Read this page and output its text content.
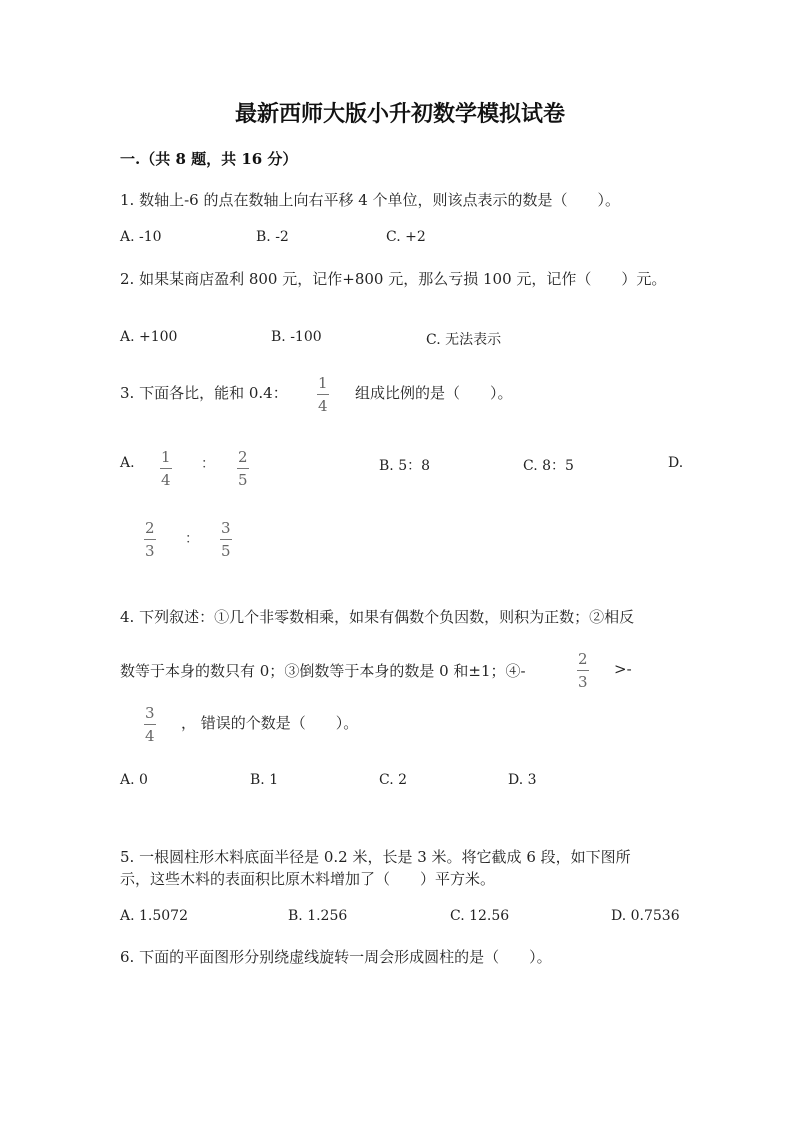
最新西师大版小升初数学模拟试卷
一.（共 8 题，共 16 分）
1. 数轴上-6 的点在数轴上向右平移 4 个单位，则该点表示的数是（　　）。
A. -10	B. -2	C. +2
2. 如果某商店盈利 800 元，记作+800 元，那么亏损 100 元，记作（　　）元。
A. +100	B. -100	C. 无法表示
3. 下面各比，能和 0.4：
1
4
组成比例的是（　　）。
A. 1
4
： 2
5
B. 5：8	C. 8：5	D.
2
3
：
3
5
4. 下列叙述：①几个非零数相乘，如果有偶数个负因数，则积为正数；②相反
数等于本身的数只有 0；③倒数等于本身的数是 0 和±1；④-
2
3
>-
3
4
， 错误的个数是（　　）。
A. 0	B. 1	C. 2	D. 3
5. 一根圆柱形木料底面半径是 0.2 米，长是 3 米。将它截成 6 段，如下图所
示，这些木料的表面积比原木料增加了（　　）平方米。
A. 1.5072	B. 1.256	C. 12.56	D. 0.7536
6. 下面的平面图形分别绕虚线旋转一周会形成圆柱的是（　　）。
